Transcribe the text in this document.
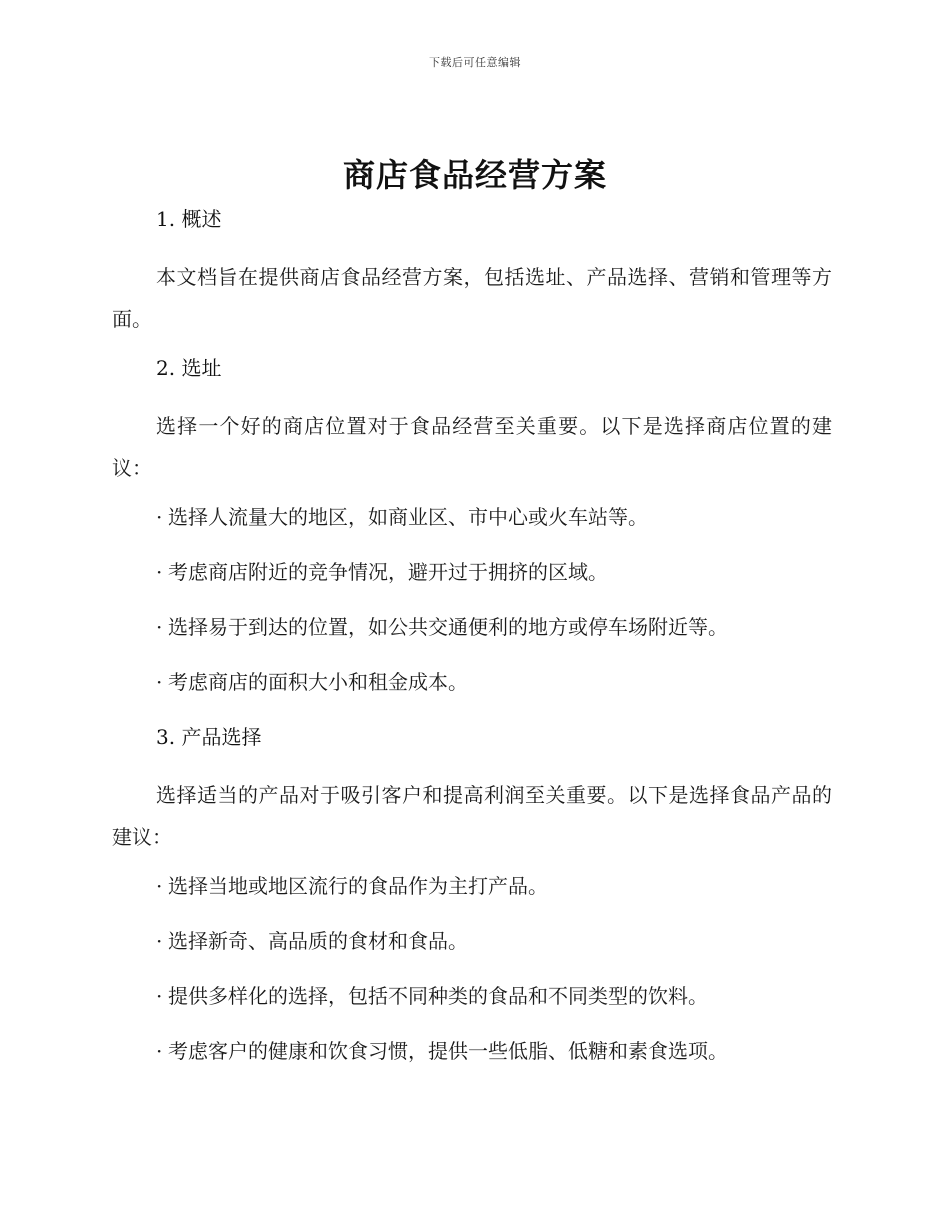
下载后可任意编辑
商店食品经营方案
1. 概述
本文档旨在提供商店食品经营方案，包括选址、产品选择、营销和管理等方面。
2. 选址
选择一个好的商店位置对于食品经营至关重要。以下是选择商店位置的建议：
· 选择人流量大的地区，如商业区、市中心或火车站等。
· 考虑商店附近的竞争情况，避开过于拥挤的区域。
· 选择易于到达的位置，如公共交通便利的地方或停车场附近等。
· 考虑商店的面积大小和租金成本。
3. 产品选择
选择适当的产品对于吸引客户和提高利润至关重要。以下是选择食品产品的建议：
· 选择当地或地区流行的食品作为主打产品。
· 选择新奇、高品质的食材和食品。
· 提供多样化的选择，包括不同种类的食品和不同类型的饮料。
· 考虑客户的健康和饮食习惯，提供一些低脂、低糖和素食选项。
